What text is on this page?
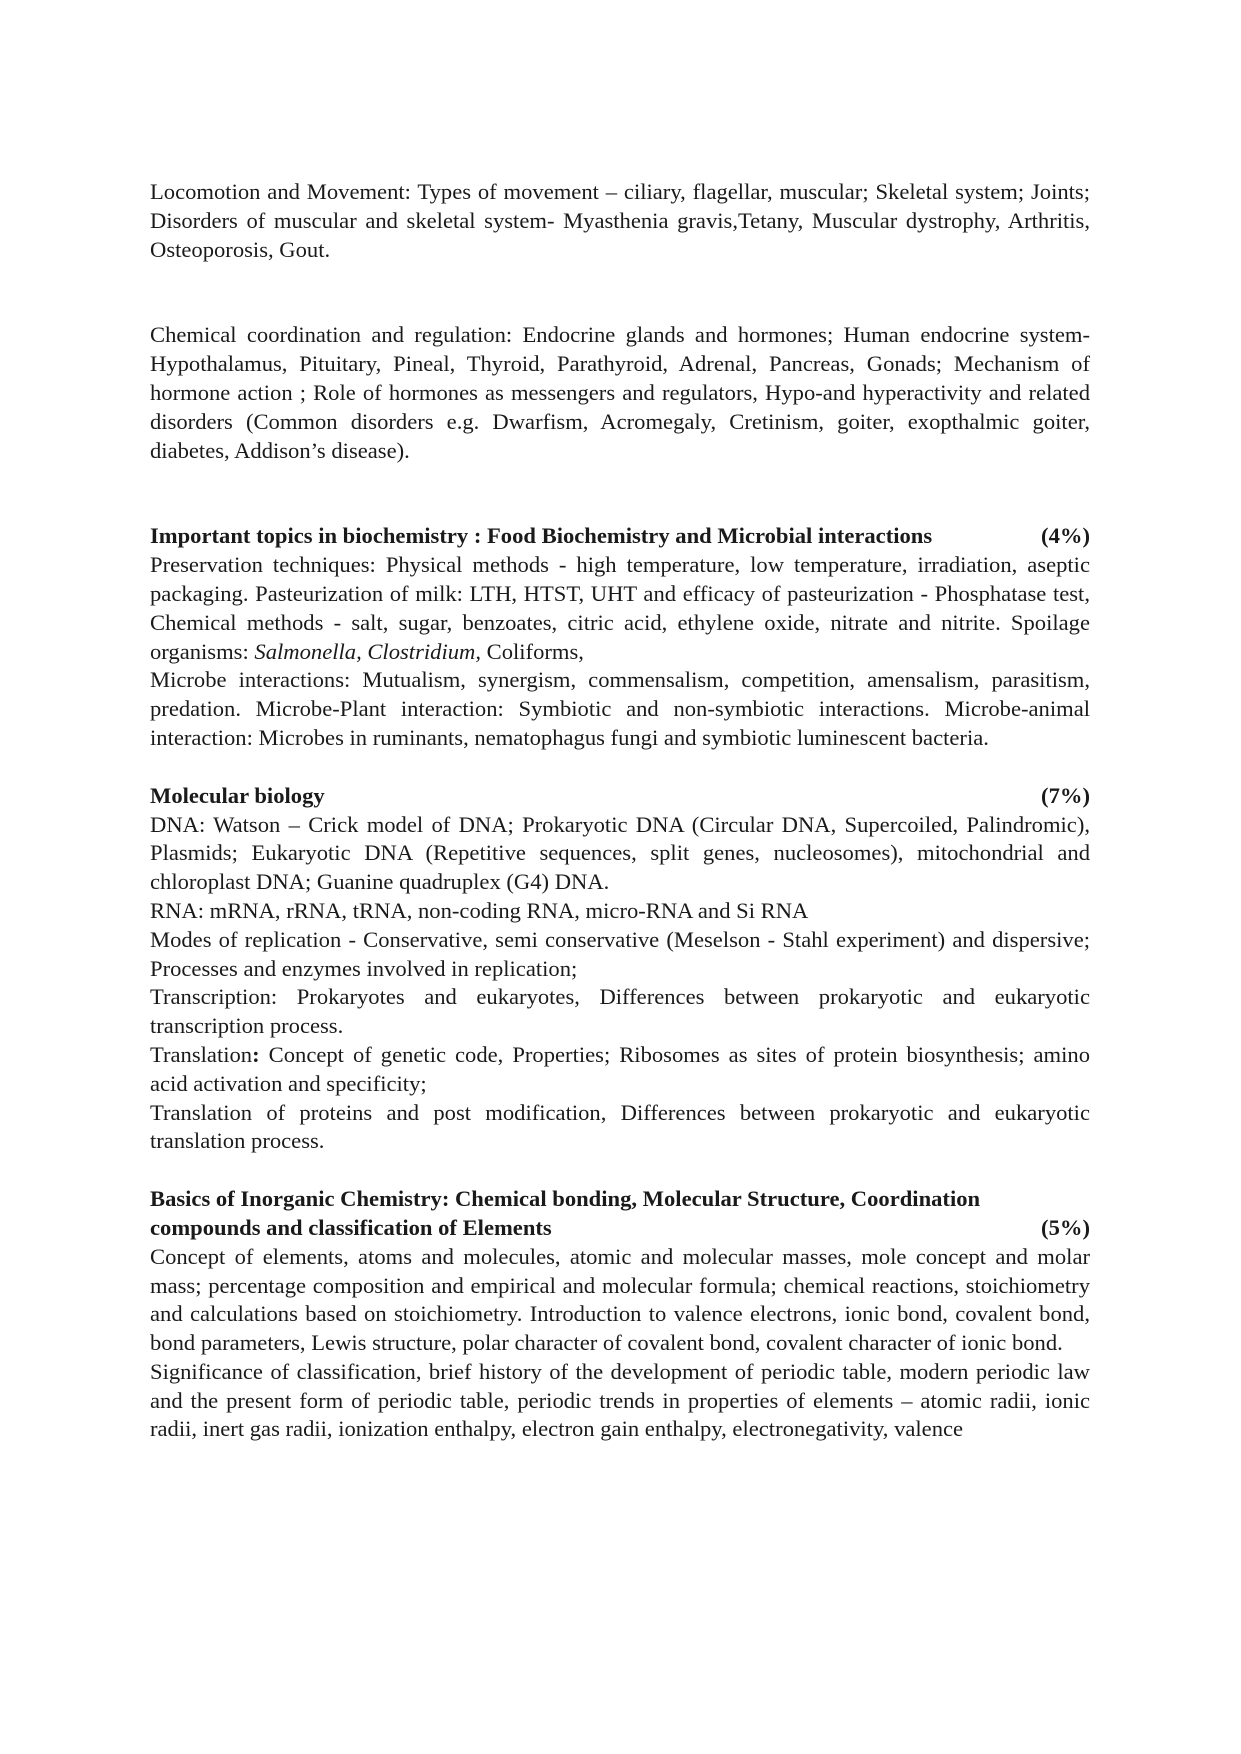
Locomotion and Movement: Types of movement – ciliary, flagellar, muscular; Skeletal system; Joints; Disorders of muscular and skeletal system- Myasthenia gravis,Tetany, Muscular dystrophy, Arthritis, Osteoporosis, Gout.

Chemical coordination and regulation: Endocrine glands and hormones; Human endocrine system-Hypothalamus, Pituitary, Pineal, Thyroid, Parathyroid, Adrenal, Pancreas, Gonads; Mechanism of hormone action ; Role of hormones as messengers and regulators, Hypo-and hyperactivity and related disorders (Common disorders e.g. Dwarfism, Acromegaly, Cretinism, goiter, exopthalmic goiter, diabetes, Addison’s disease).

Important topics in biochemistry : Food Biochemistry and Microbial interactions	(4%)

Preservation techniques: Physical methods - high temperature, low temperature, irradiation, aseptic packaging. Pasteurization of milk: LTH, HTST, UHT and efficacy of pasteurization - Phosphatase test, Chemical methods - salt, sugar, benzoates, citric acid, ethylene oxide, nitrate and nitrite. Spoilage organisms: Salmonella, Clostridium, Coliforms,

Microbe interactions: Mutualism, synergism, commensalism, competition, amensalism, parasitism, predation. Microbe-Plant interaction: Symbiotic and non-symbiotic interactions. Microbe-animal interaction: Microbes in ruminants, nematophagus fungi and symbiotic luminescent bacteria.

Molecular biology	(7%)

DNA: Watson – Crick model of DNA; Prokaryotic DNA (Circular DNA, Supercoiled, Palindromic), Plasmids; Eukaryotic DNA (Repetitive sequences, split genes, nucleosomes), mitochondrial and chloroplast DNA; Guanine quadruplex (G4) DNA.

RNA: mRNA, rRNA, tRNA, non-coding RNA, micro-RNA and Si RNA

Modes of replication - Conservative, semi conservative (Meselson - Stahl experiment) and dispersive; Processes and enzymes involved in replication;

Transcription: Prokaryotes and eukaryotes, Differences between prokaryotic and eukaryotic transcription process.

Translation: Concept of genetic code, Properties; Ribosomes as sites of protein biosynthesis; amino acid activation and specificity;

Translation of proteins and post modification, Differences between prokaryotic and eukaryotic translation process.

Basics of Inorganic Chemistry: Chemical bonding, Molecular Structure, Coordination
compounds and classification of Elements	(5%)

Concept of elements, atoms and molecules, atomic and molecular masses, mole concept and molar mass; percentage composition and empirical and molecular formula; chemical reactions, stoichiometry and calculations based on stoichiometry. Introduction to valence electrons, ionic bond, covalent bond, bond parameters, Lewis structure, polar character of covalent bond, covalent character of ionic bond.

Significance of classification, brief history of the development of periodic table, modern periodic law and the present form of periodic table, periodic trends in properties of elements – atomic radii, ionic radii, inert gas radii, ionization enthalpy, electron gain enthalpy, electronegativity, valence
